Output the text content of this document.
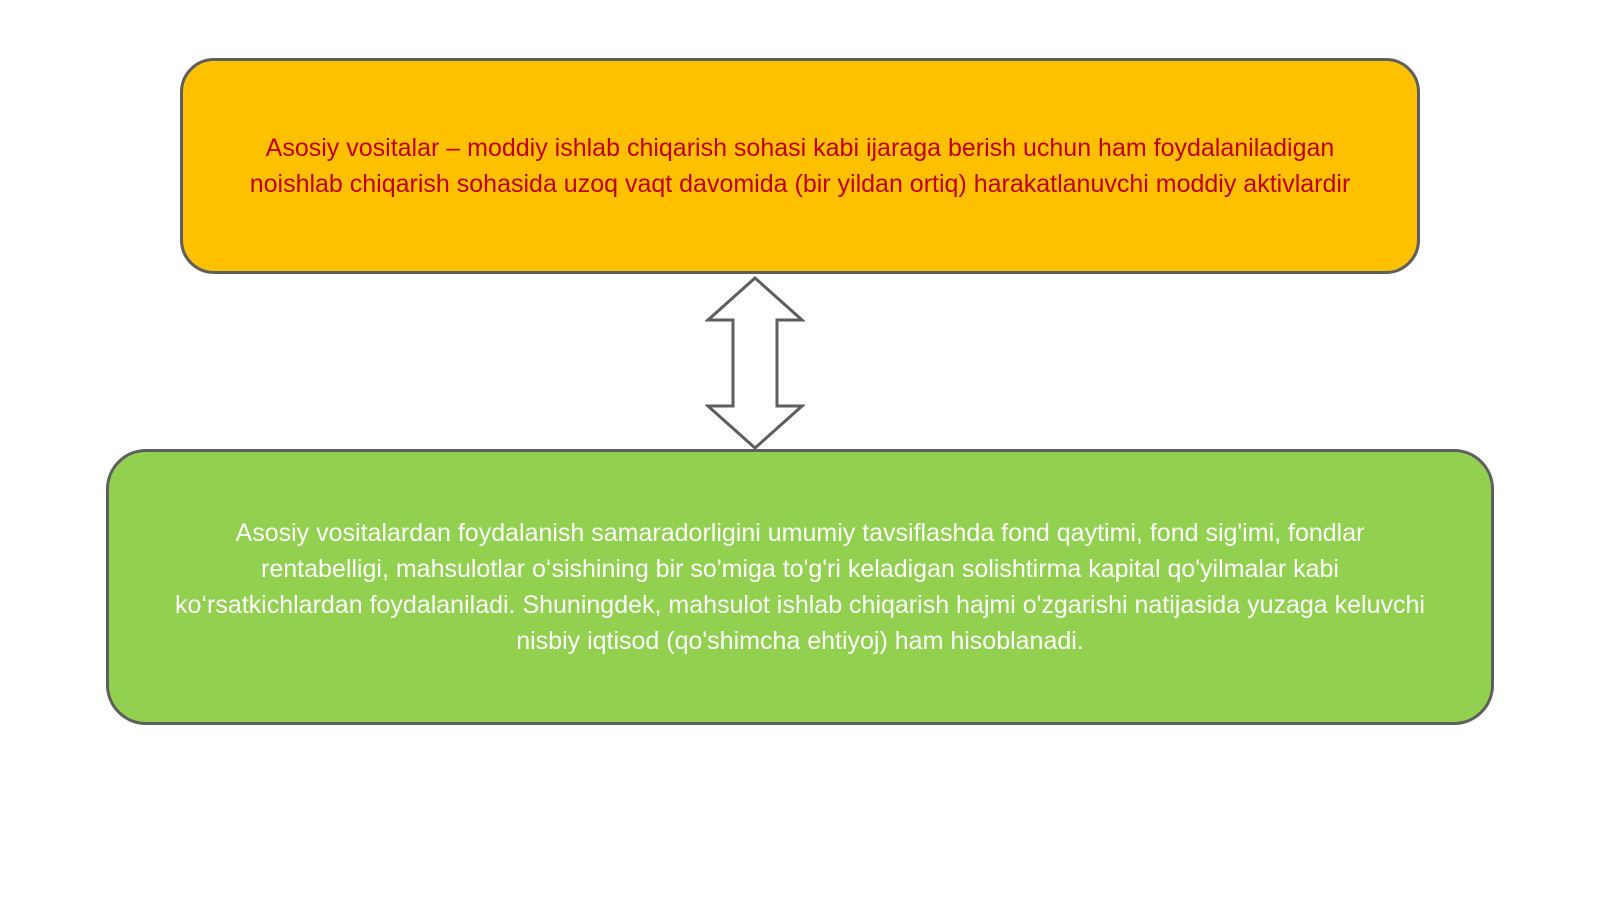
Asosiy vositalar – moddiy ishlab chiqarish sohasi kabi ijaraga berish uchun ham foydalaniladigan noishlab chiqarish sohasida uzoq vaqt davomida (bir yildan ortiq) harakatlanuvchi moddiy aktivlardir

Asosiy vositalardan foydalanish samaradorligini umumiy tavsiflashda fond qaytimi, fond sig'imi, fondlar rentabelligi, mahsulotlar o‘sishining bir so'miga to'g'ri keladigan solishtirma kapital qo'yilmalar kabi ko‘rsatkichlardan foydalaniladi. Shuningdek, mahsulot ishlab chiqarish hajmi o'zgarishi natijasida yuzaga keluvchi nisbiy iqtisod (qo'shimcha ehtiyoj) ham hisoblanadi.
